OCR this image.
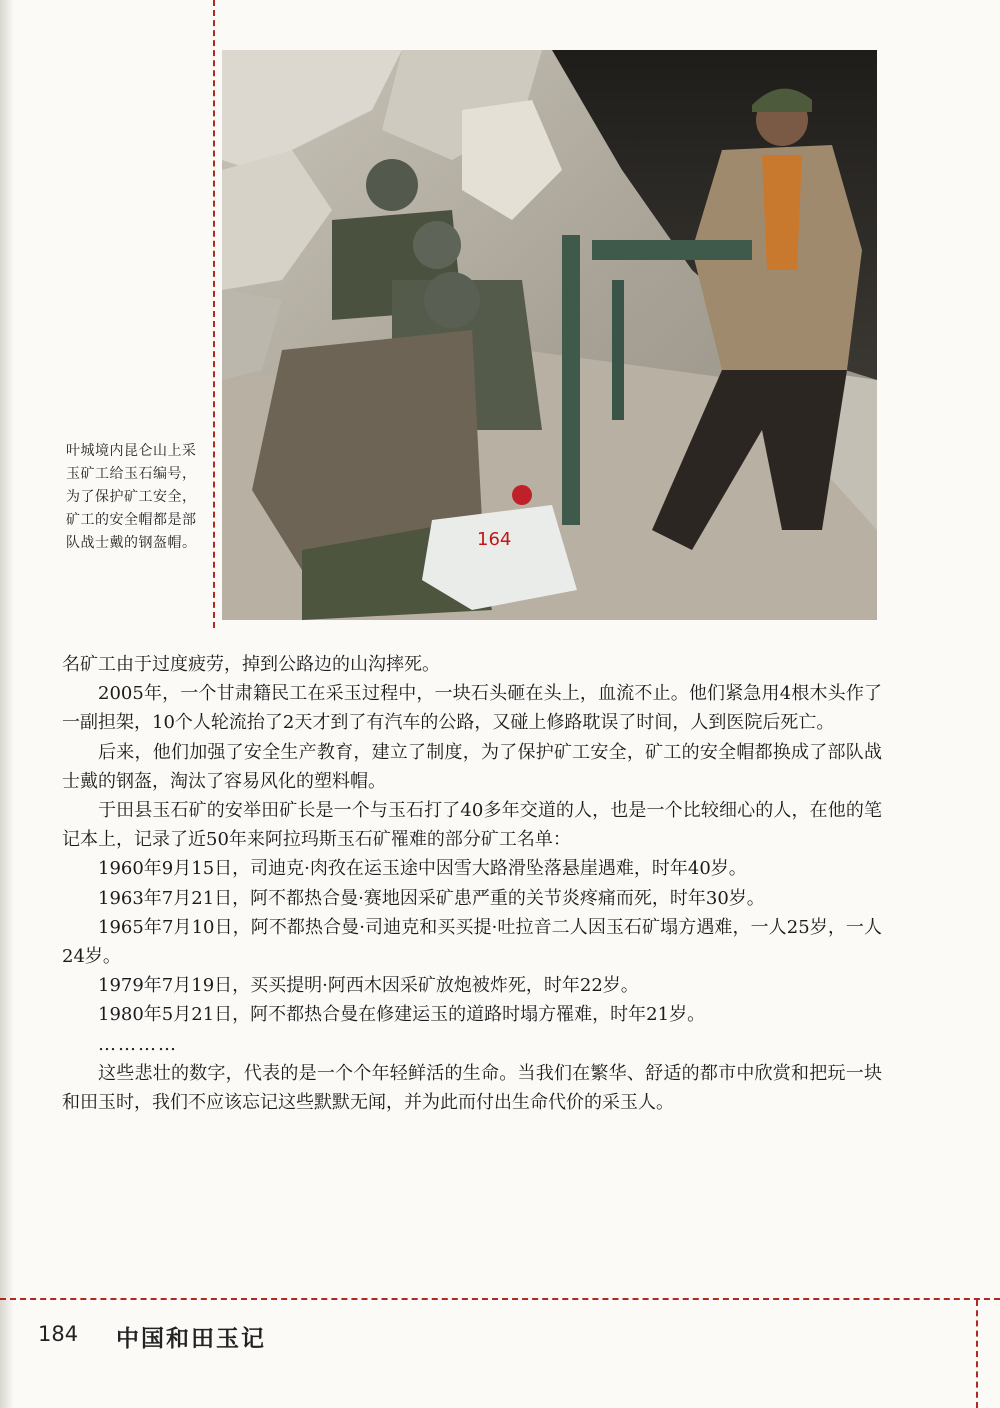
164
叶城境内昆仑山上采玉矿工给玉石编号，为了保护矿工安全，矿工的安全帽都是部队战士戴的钢盔帽。

名矿工由于过度疲劳，掉到公路边的山沟摔死。

2005年，一个甘肃籍民工在采玉过程中，一块石头砸在头上，血流不止。他们紧急用4根木头作了一副担架，10个人轮流抬了2天才到了有汽车的公路，又碰上修路耽误了时间，人到医院后死亡。

后来，他们加强了安全生产教育，建立了制度，为了保护矿工安全，矿工的安全帽都换成了部队战士戴的钢盔，淘汰了容易风化的塑料帽。

于田县玉石矿的安举田矿长是一个与玉石打了40多年交道的人，也是一个比较细心的人，在他的笔记本上，记录了近50年来阿拉玛斯玉石矿罹难的部分矿工名单：

1960年9月15日，司迪克·肉孜在运玉途中因雪大路滑坠落悬崖遇难，时年40岁。

1963年7月21日，阿不都热合曼·赛地因采矿患严重的关节炎疼痛而死，时年30岁。

1965年7月10日，阿不都热合曼·司迪克和买买提·吐拉音二人因玉石矿塌方遇难，一人25岁，一人24岁。

1979年7月19日，买买提明·阿西木因采矿放炮被炸死，时年22岁。

1980年5月21日，阿不都热合曼在修建运玉的道路时塌方罹难，时年21岁。

…………

这些悲壮的数字，代表的是一个个年轻鲜活的生命。当我们在繁华、舒适的都市中欣赏和把玩一块和田玉时，我们不应该忘记这些默默无闻，并为此而付出生命代价的采玉人。

184 中国和田玉记
